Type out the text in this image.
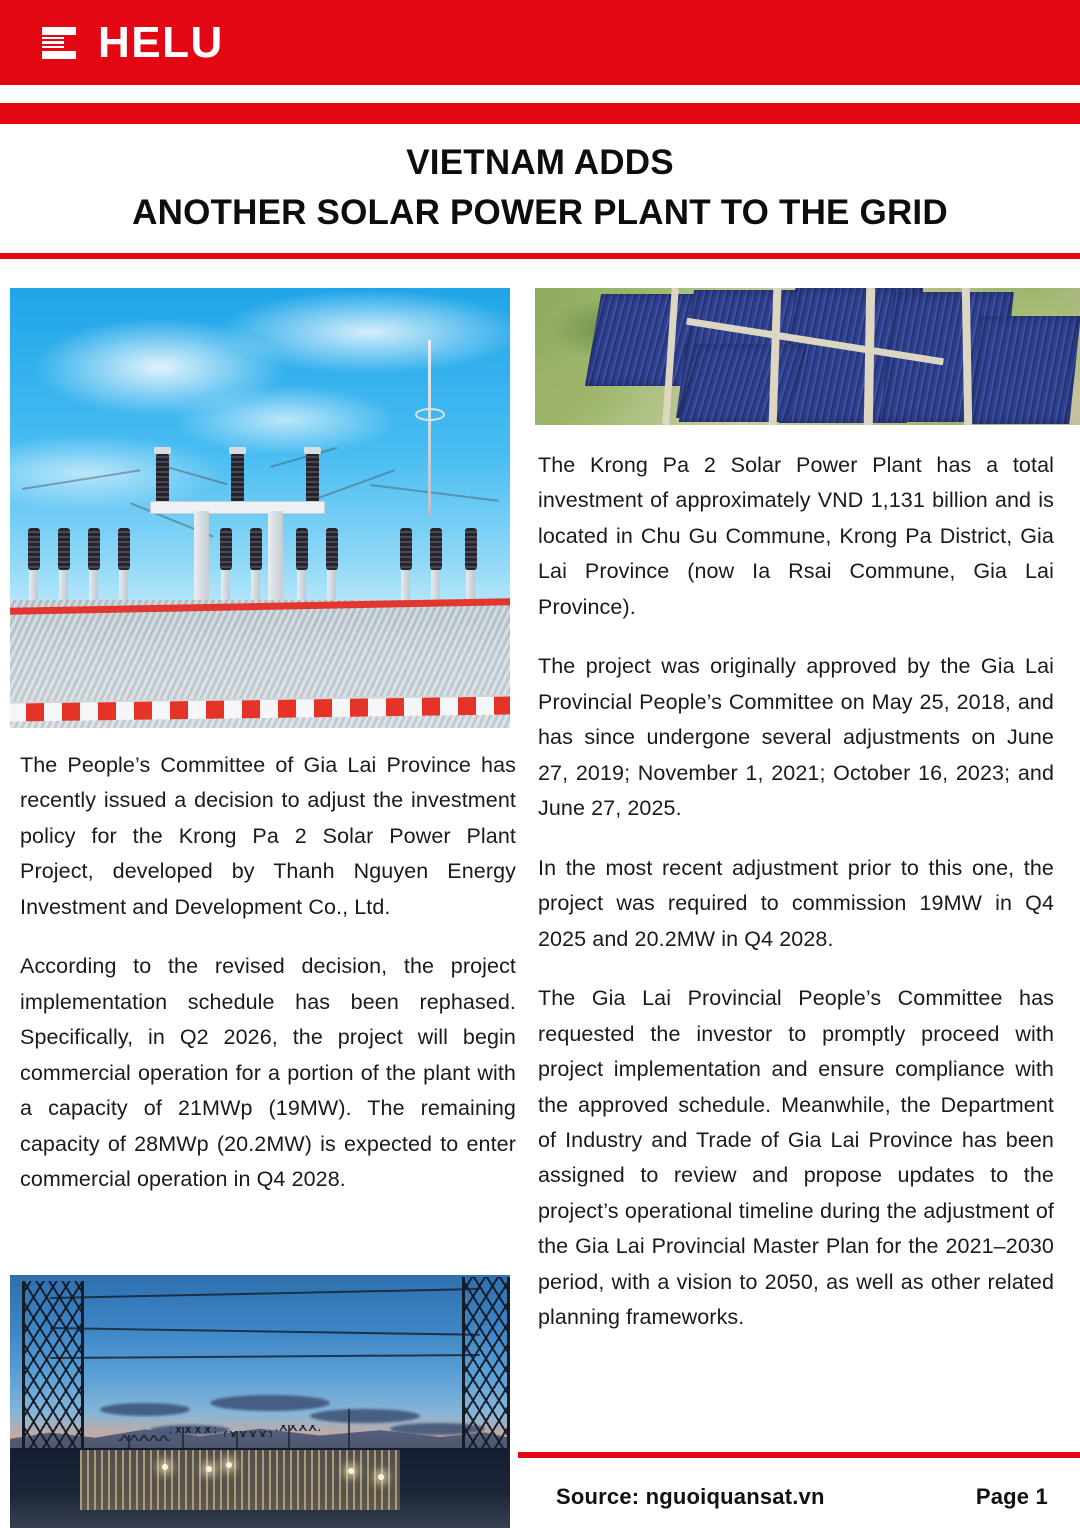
HELU
VIETNAM ADDS
ANOTHER SOLAR POWER PLANT TO THE GRID

The People’s Committee of Gia Lai Province has recently issued a decision to adjust the investment policy for the Krong Pa 2 Solar Power Plant Project, developed by Thanh Nguyen Energy Investment and Development Co., Ltd.

According to the revised decision, the project implementation schedule has been rephased. Specifically, in Q2 2026, the project will begin commercial operation for a portion of the plant with a capacity of 21MWp (19MW). The remaining capacity of 28MWp (20.2MW) is expected to enter commercial operation in Q4 2028.

The Krong Pa 2 Solar Power Plant has a total investment of approximately VND 1,131 billion and is located in Chu Gu Commune, Krong Pa District, Gia Lai Province (now Ia Rsai Commune, Gia Lai Province).

The project was originally approved by the Gia Lai Provincial People’s Committee on May 25, 2018, and has since undergone several adjustments on June 27, 2019; November 1, 2021; October 16, 2023; and June 27, 2025.

In the most recent adjustment prior to this one, the project was required to commission 19MW in Q4 2025 and 20.2MW in Q4 2028.

The Gia Lai Provincial People’s Committee has requested the investor to promptly proceed with project implementation and ensure compliance with the approved schedule. Meanwhile, the Department of Industry and Trade of Gia Lai Province has been assigned to review and propose updates to the project’s operational timeline during the adjustment of the Gia Lai Provincial Master Plan for the 2021–2030 period, with a vision to 2050, as well as other related planning frameworks.

Source: nguoiquansat.vn	Page 1
